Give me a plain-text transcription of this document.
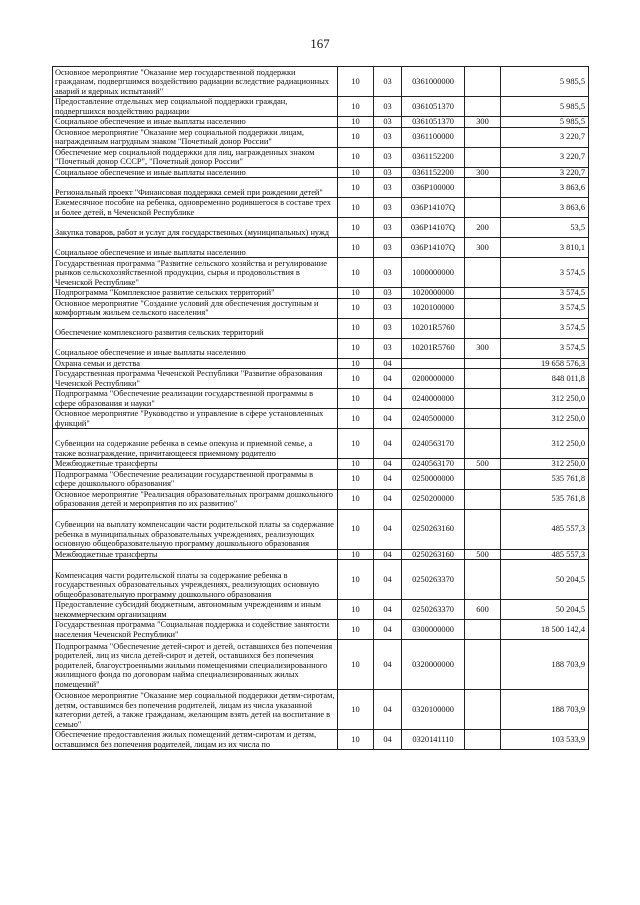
167
Основное мероприятие "Оказание мер государственной поддержки гражданам, подвергшимся воздействию радиации вследствие радиационных аварий и ядерных испытаний"	10	03	0361000000		5 985,5
Предоставление отдельных мер социальной поддержки граждан, подвергшихся воздействию радиации	10	03	0361051370		5 985,5
Социальное обеспечение и иные выплаты населению	10	03	0361051370	300	5 985,5
Основное мероприятие "Оказание мер социальной поддержки лицам, награжденным нагрудным знаком "Почетный донор России"	10	03	0361100000		3 220,7
Обеспечение мер социальной поддержки для лиц, награжденных знаком "Почетный донор СССР", "Почетный донор России"	10	03	0361152200		3 220,7
Социальное обеспечение и иные выплаты населению	10	03	0361152200	300	3 220,7
Региональный проект "Финансовая поддержка семей при рождении детей"	10	03	036P100000		3 863,6
Ежемесячное пособие на ребенка, одновременно родившегося в составе трех и более детей, в Чеченской Республике	10	03	036P14107Q		3 863,6
Закупка товаров, работ и услуг для государственных (муниципальных) нужд	10	03	036P14107Q	200	53,5
Социальное обеспечение и иные выплаты населению	10	03	036P14107Q	300	3 810,1
Государственная программа "Развитие сельского хозяйства и регулирование рынков сельскохозяйственной продукции, сырья и продовольствия в Чеченской Республике"	10	03	1000000000		3 574,5
Подпрограмма "Комплексное развитие сельских территорий"	10	03	1020000000		3 574,5
Основное мероприятие "Создание условий для обеспечения доступным и комфортным жильем сельского населения"	10	03	1020100000		3 574,5
Обеспечение комплексного развития сельских территорий	10	03	10201R5760		3 574,5
Социальное обеспечение и иные выплаты населению	10	03	10201R5760	300	3 574,5
Охрана семьи и детства	10	04			19 658 576,3
Государственная программа Чеченской Республики "Развитие образования Чеченской Республики"	10	04	0200000000		848 011,8
Подпрограмма "Обеспечение реализации государственной программы в сфере образования и науки"	10	04	0240000000		312 250,0
Основное мероприятие "Руководство и управление в сфере установленных функций"	10	04	0240500000		312 250,0
Субвенции на содержание ребенка в семье опекуна и приемной семье, а также вознаграждение, причитающееся приемному родителю	10	04	0240563170		312 250,0
Межбюджетные трансферты	10	04	0240563170	500	312 250,0
Подпрограмма "Обеспечение реализации государственной программы в сфере дошкольного образования"	10	04	0250000000		535 761,8
Основное мероприятие "Реализация образовательных программ дошкольного образования детей и мероприятия по их развитию"	10	04	0250200000		535 761,8
Субвенции на выплату компенсации части родительской платы за содержание ребенка в муниципальных образовательных учреждениях, реализующих основную общеобразовательную программу дошкольного образования	10	04	0250263160		485 557,3
Межбюджетные трансферты	10	04	0250263160	500	485 557,3
Компенсация части родительской платы за содержание ребенка в государственных образовательных учреждениях, реализующих основную общеобразовательную программу дошкольного образования	10	04	0250263370		50 204,5
Предоставление субсидий бюджетным, автономным учреждениям и иным некоммерческим организациям	10	04	0250263370	600	50 204,5
Государственная программа "Социальная поддержка и содействие занятости населения Чеченской Республики"	10	04	0300000000		18 500 142,4
Подпрограмма "Обеспечение детей-сирот и детей, оставшихся без попечения родителей, лиц из числа детей-сирот и детей, оставшихся без попечения родителей, благоустроенными жилыми помещениями специализированного жилищного фонда по договорам найма специализированных жилых помещений"	10	04	0320000000		188 703,9
Основное мероприятие "Оказание мер социальной поддержки детям-сиротам, детям, оставшимся без попечения родителей, лицам из числа указанной категории детей, а также гражданам, желающим взять детей на воспитание в семью"	10	04	0320100000		188 703,9
Обеспечение предоставления жилых помещений детям-сиротам и детям, оставшимся без попечения родителей, лицам из их числа по	10	04	0320141110		103 533,9
